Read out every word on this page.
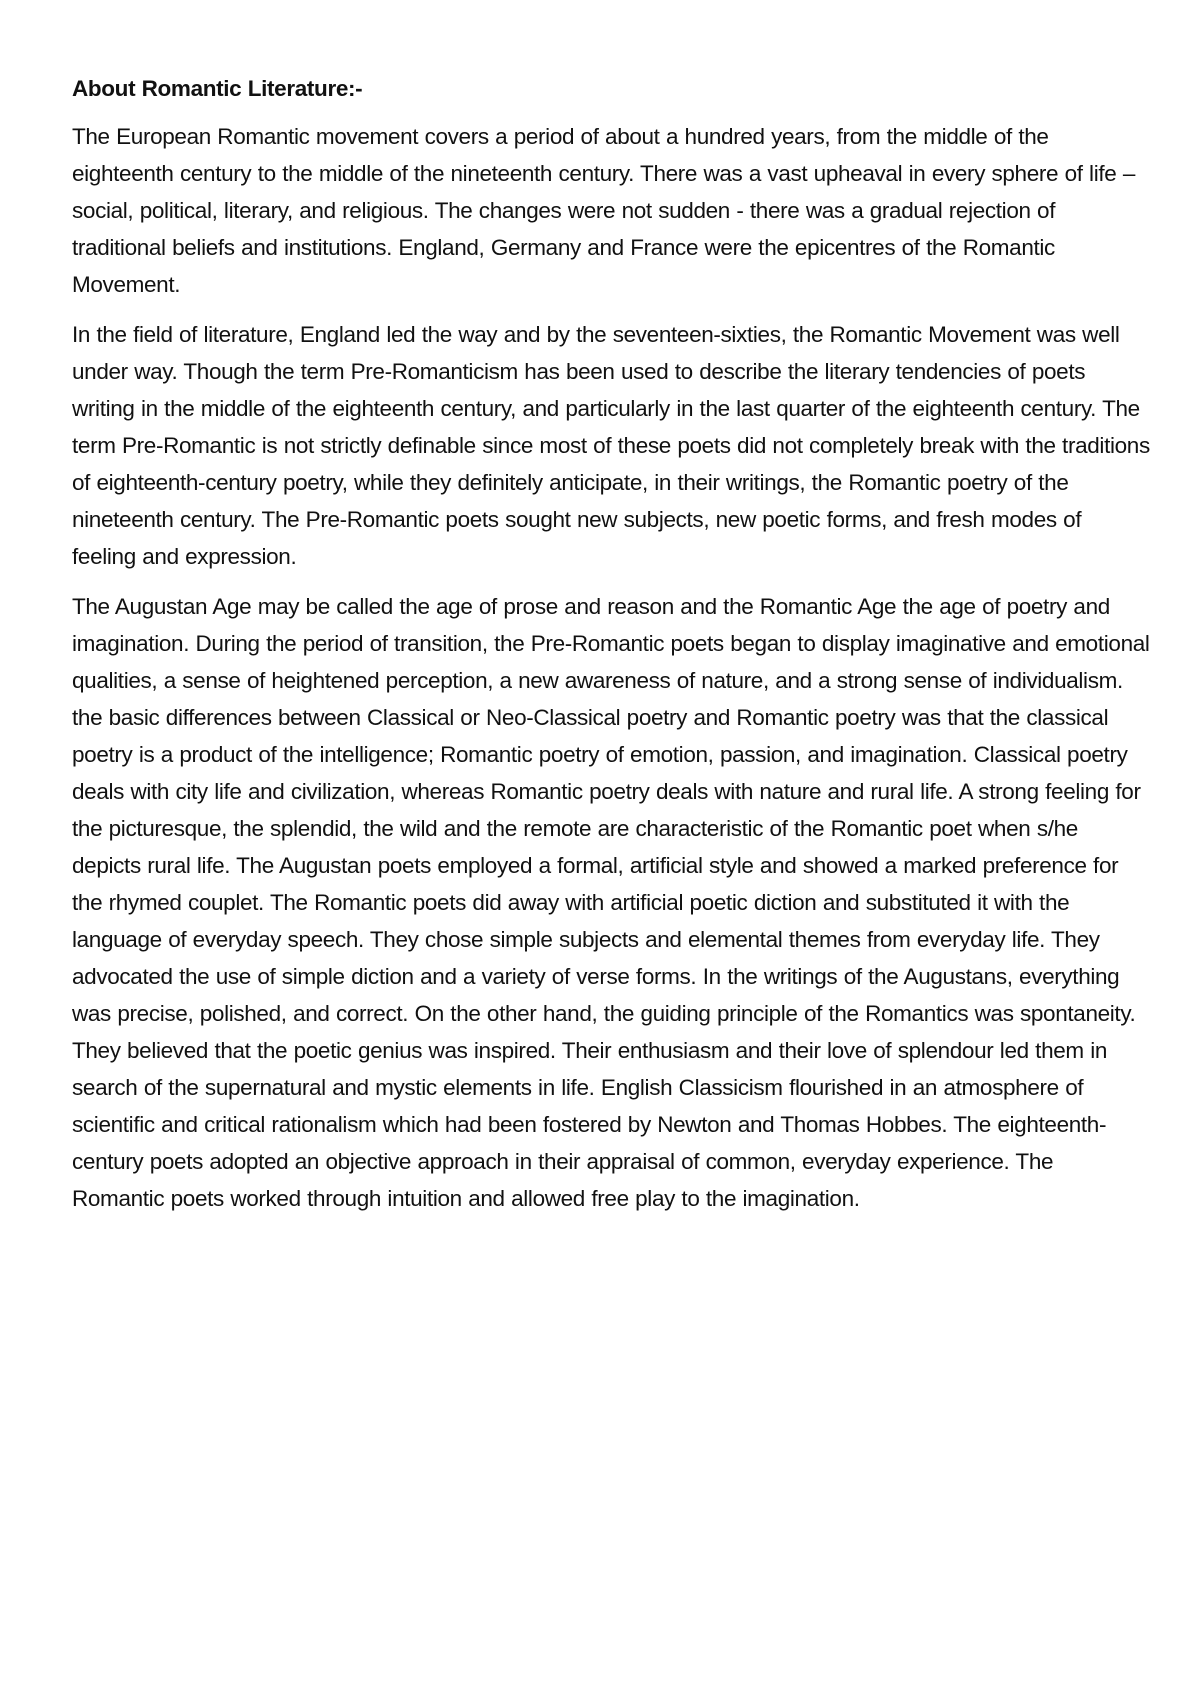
About Romantic Literature:-

The European Romantic movement covers a period of about a hundred years, from the middle of the eighteenth century to the middle of the nineteenth century. There was a vast upheaval in every sphere of life – social, political, literary, and religious. The changes were not sudden - there was a gradual rejection of traditional beliefs and institutions. England, Germany and France were the epicentres of the Romantic Movement.

In the field of literature, England led the way and by the seventeen-sixties, the Romantic Movement was well under way. Though the term Pre-Romanticism has been used to describe the literary tendencies of poets writing in the middle of the eighteenth century, and particularly in the last quarter of the eighteenth century. The term Pre-Romantic is not strictly definable since most of these poets did not completely break with the traditions of eighteenth-century poetry, while they definitely anticipate, in their writings, the Romantic poetry of the nineteenth century. The Pre-Romantic poets sought new subjects, new poetic forms, and fresh modes of feeling and expression.

The Augustan Age may be called the age of prose and reason and the Romantic Age the age of poetry and imagination. During the period of transition, the Pre-Romantic poets began to display imaginative and emotional qualities, a sense of heightened perception, a new awareness of nature, and a strong sense of individualism. the basic differences between Classical or Neo-Classical poetry and Romantic poetry was that the classical poetry is a product of the intelligence; Romantic poetry of emotion, passion, and imagination. Classical poetry deals with city life and civilization, whereas Romantic poetry deals with nature and rural life. A strong feeling for the picturesque, the splendid, the wild and the remote are characteristic of the Romantic poet when s/he depicts rural life. The Augustan poets employed a formal, artificial style and showed a marked preference for the rhymed couplet. The Romantic poets did away with artificial poetic diction and substituted it with the language of everyday speech. They chose simple subjects and elemental themes from everyday life. They advocated the use of simple diction and a variety of verse forms. In the writings of the Augustans, everything was precise, polished, and correct. On the other hand, the guiding principle of the Romantics was spontaneity. They believed that the poetic genius was inspired. Their enthusiasm and their love of splendour led them in search of the supernatural and mystic elements in life. English Classicism flourished in an atmosphere of scientific and critical rationalism which had been fostered by Newton and Thomas Hobbes. The eighteenth-century poets adopted an objective approach in their appraisal of common, everyday experience. The Romantic poets worked through intuition and allowed free play to the imagination.
